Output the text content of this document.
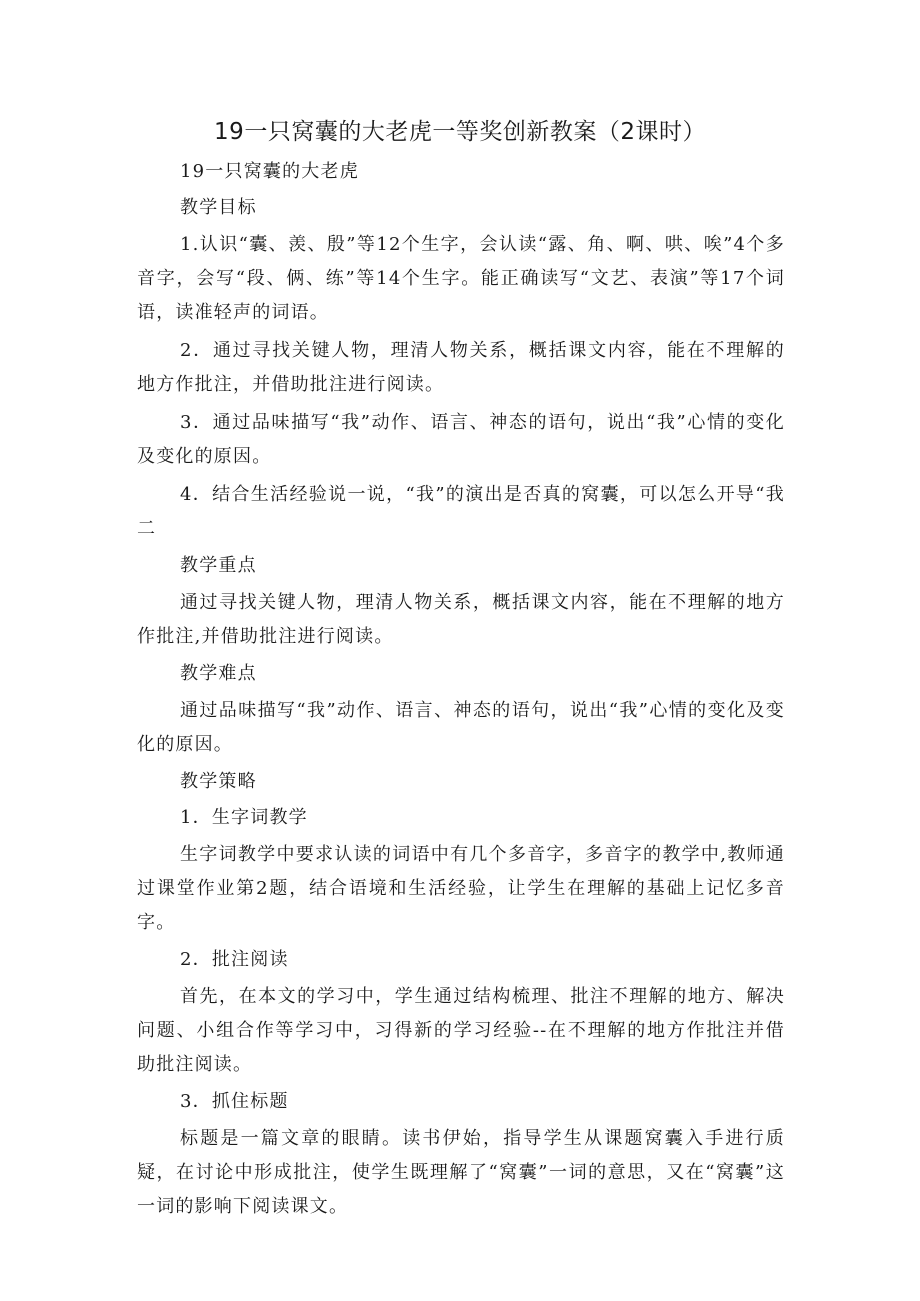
19一只窝囊的大老虎一等奖创新教案（2课时）

19一只窝囊的大老虎

教学目标

1.认识“囊、羡、殷”等12个生字，会认读“露、角、啊、哄、唉”4个多音字，会写“段、俩、练”等14个生字。能正确读写“文艺、表演”等17个词语，读准轻声的词语。

2．通过寻找关键人物，理清人物关系，概括课文内容，能在不理解的地方作批注，并借助批注进行阅读。

3．通过品味描写“我”动作、语言、神态的语句，说出“我”心情的变化及变化的原因。

4．结合生活经验说一说，“我”的演出是否真的窝囊，可以怎么开导“我二

教学重点

通过寻找关键人物，理清人物关系，概括课文内容，能在不理解的地方作批注,并借助批注进行阅读。

教学难点

通过品味描写“我”动作、语言、神态的语句，说出“我”心情的变化及变化的原因。

教学策略

1．生字词教学

生字词教学中要求认读的词语中有几个多音字，多音字的教学中,教师通过课堂作业第2题，结合语境和生活经验，让学生在理解的基础上记忆多音字。

2．批注阅读

首先，在本文的学习中，学生通过结构梳理、批注不理解的地方、解决问题、小组合作等学习中，习得新的学习经验--在不理解的地方作批注并借助批注阅读。

3．抓住标题

标题是一篇文章的眼睛。读书伊始，指导学生从课题窝囊入手进行质疑，在讨论中形成批注，使学生既理解了“窝囊”一词的意思，又在“窝囊”这一词的影响下阅读课文。
